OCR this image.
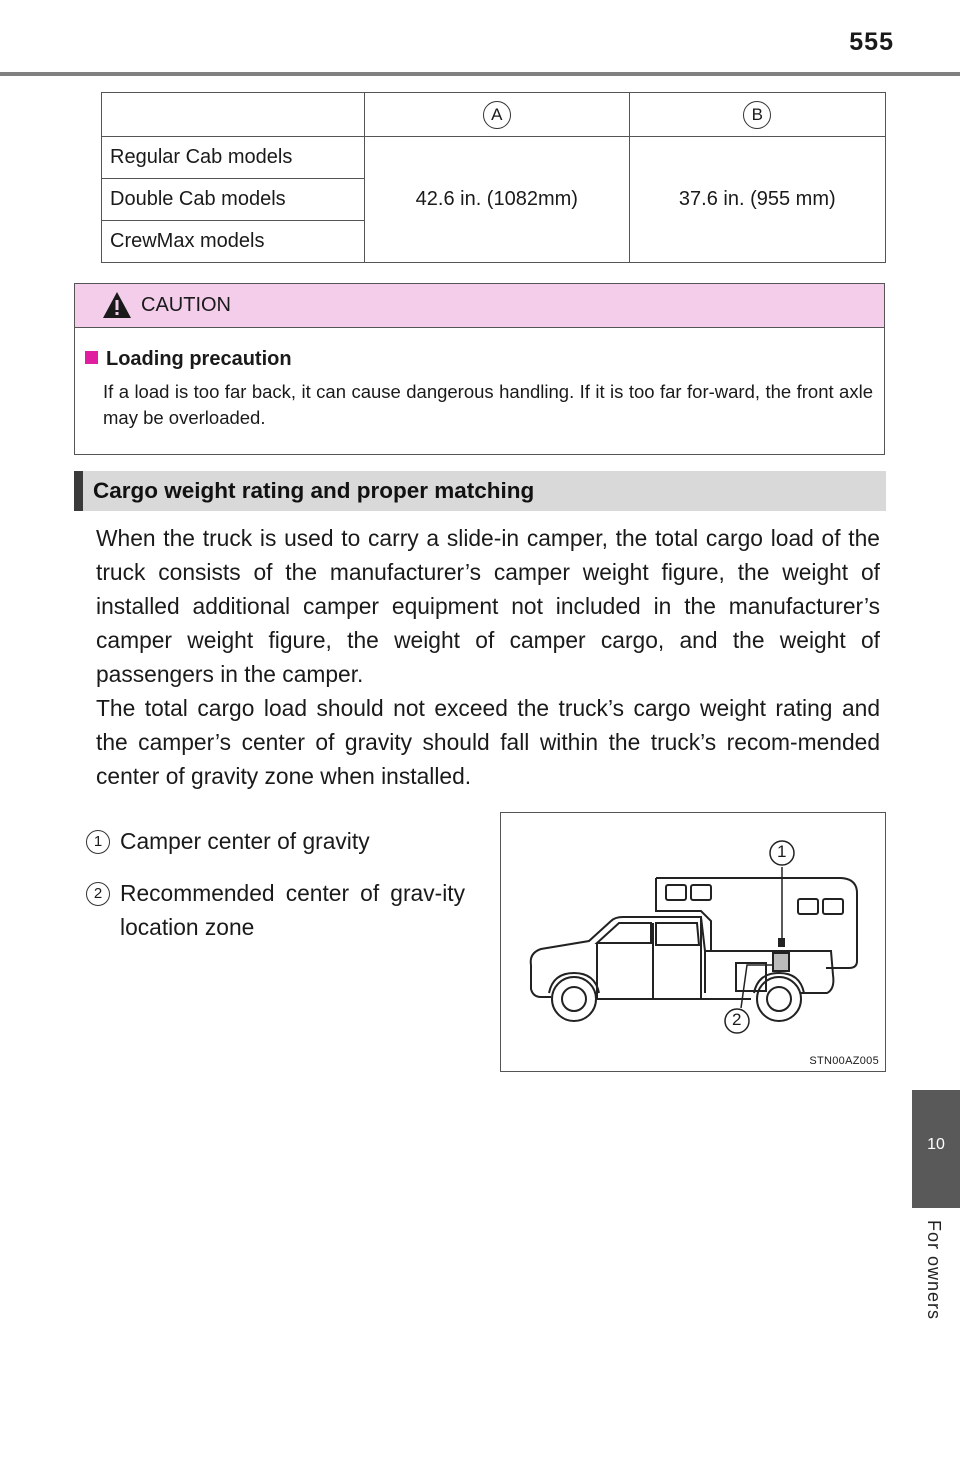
555
	A	B
Regular Cab models	42.6 in. (1082mm)	37.6 in. (955 mm)
Double Cab models		
CrewMax models		
CAUTION
Loading precaution
If a load is too far back, it can cause dangerous handling. If it is too far for-ward, the front axle may be overloaded.
Cargo weight rating and proper matching
When the truck is used to carry a slide-in camper, the total cargo load of the truck consists of the manufacturer’s camper weight figure, the weight of installed additional camper equipment not included in the manufacturer’s camper weight figure, the weight of camper cargo, and the weight of passengers in the camper.
The total cargo load should not exceed the truck’s cargo weight rating and the camper’s center of gravity should fall within the truck’s recom-mended center of gravity zone when installed.
1 Camper center of gravity
2 Recommended center of grav-ity location zone
1
2
STN00AZ005
10
For owners
